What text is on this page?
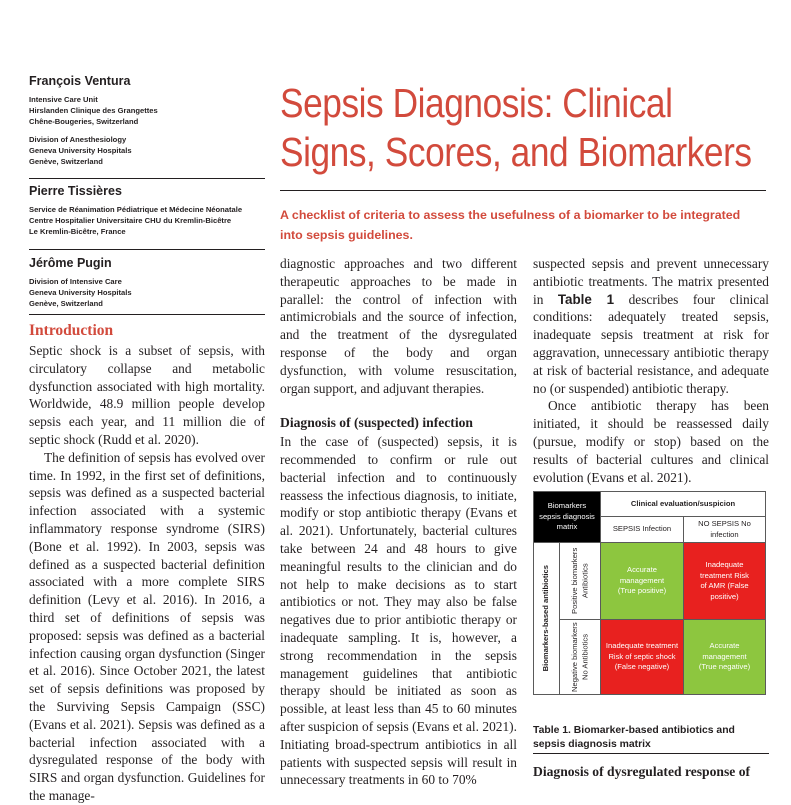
François Ventura
Intensive Care Unit
Hirslanden Clinique des Grangettes
Chêne-Bougeries, Switzerland
Division of Anesthesiology
Geneva University Hospitals
Genève, Switzerland
Pierre Tissières
Service de Réanimation Pédiatrique et Médecine Néonatale
Centre Hospitalier Universitaire CHU du Kremlin-Bicêtre
Le Kremlin-Bicêtre, France
Jérôme Pugin
Division of Intensive Care
Geneva University Hospitals
Genève, Switzerland
Sepsis Diagnosis: Clinical
Signs, Scores, and Biomarkers
A checklist of criteria to assess the usefulness of a biomarker to be integrated into sepsis guidelines.
Introduction

Septic shock is a subset of sepsis, with circulatory collapse and metabolic dysfunction associated with high mortality. Worldwide, 48.9 million people develop sepsis each year, and 11 million die of septic shock (Rudd et al. 2020).

The definition of sepsis has evolved over time. In 1992, in the first set of definitions, sepsis was defined as a suspected bacterial infection associated with a systemic inflammatory response syndrome (SIRS) (Bone et al. 1992). In 2003, sepsis was defined as a suspected bacterial definition associated with a more complete SIRS definition (Levy et al. 2016). In 2016, a third set of definitions of sepsis was proposed: sepsis was defined as a bacterial infection causing organ dysfunction (Singer et al. 2016). Since October 2021, the latest set of sepsis definitions was proposed by the Surviving Sepsis Campaign (SSC) (Evans et al. 2021). Sepsis was defined as a bacterial infection associated with a dysregulated response of the body with SIRS and organ dysfunction. Guidelines for the manage-

diagnostic approaches and two different therapeutic approaches to be made in parallel: the control of infection with antimicrobials and the source of infection, and the treatment of the dysregulated response of the body and organ dysfunction, with volume resuscitation, organ support, and adjuvant therapies.

Diagnosis of (suspected) infection

In the case of (suspected) sepsis, it is recommended to confirm or rule out bacterial infection and to continuously reassess the infectious diagnosis, to initiate, modify or stop antibiotic therapy (Evans et al. 2021). Unfortunately, bacterial cultures take between 24 and 48 hours to give meaningful results to the clinician and do not help to make decisions as to start antibiotics or not. They may also be false negatives due to prior antibiotic therapy or inadequate sampling. It is, however, a strong recommendation in the sepsis management guidelines that antibiotic therapy should be initiated as soon as possible, at least less than 45 to 60 minutes after suspicion of sepsis (Evans et al. 2021). Initiating broad-spectrum antibiotics in all patients with suspected sepsis will result in unnecessary treatments in 60 to 70%

suspected sepsis and prevent unnecessary antibiotic treatments. The matrix presented in Table 1 describes four clinical conditions: adequately treated sepsis, inadequate sepsis treatment at risk for aggravation, unnecessary antibiotic therapy at risk of bacterial resistance, and adequate no (or suspended) antibiotic therapy.

Once antibiotic therapy has been initiated, it should be reassessed daily (pursue, modify or stop) based on the results of bacterial cultures and clinical evolution (Evans et al. 2021).

Biomarkers sepsis diagnosis matrix
Clinical evaluation/suspicion
SEPSIS Infection
NO SEPSIS No infection
Biomarkers-based antibiotics	Positive biomarkers Antibiotics
Negative biomarkers No Antibiotics
Accurate management (True positive)
Inadequate treatment Risk of AMR (False positive)
Inadequate treatment Risk of septic shock (False negative)
Accurate management (True negative)
Table 1. Biomarker-based antibiotics and sepsis diagnosis matrix
Diagnosis of dysregulated response of
